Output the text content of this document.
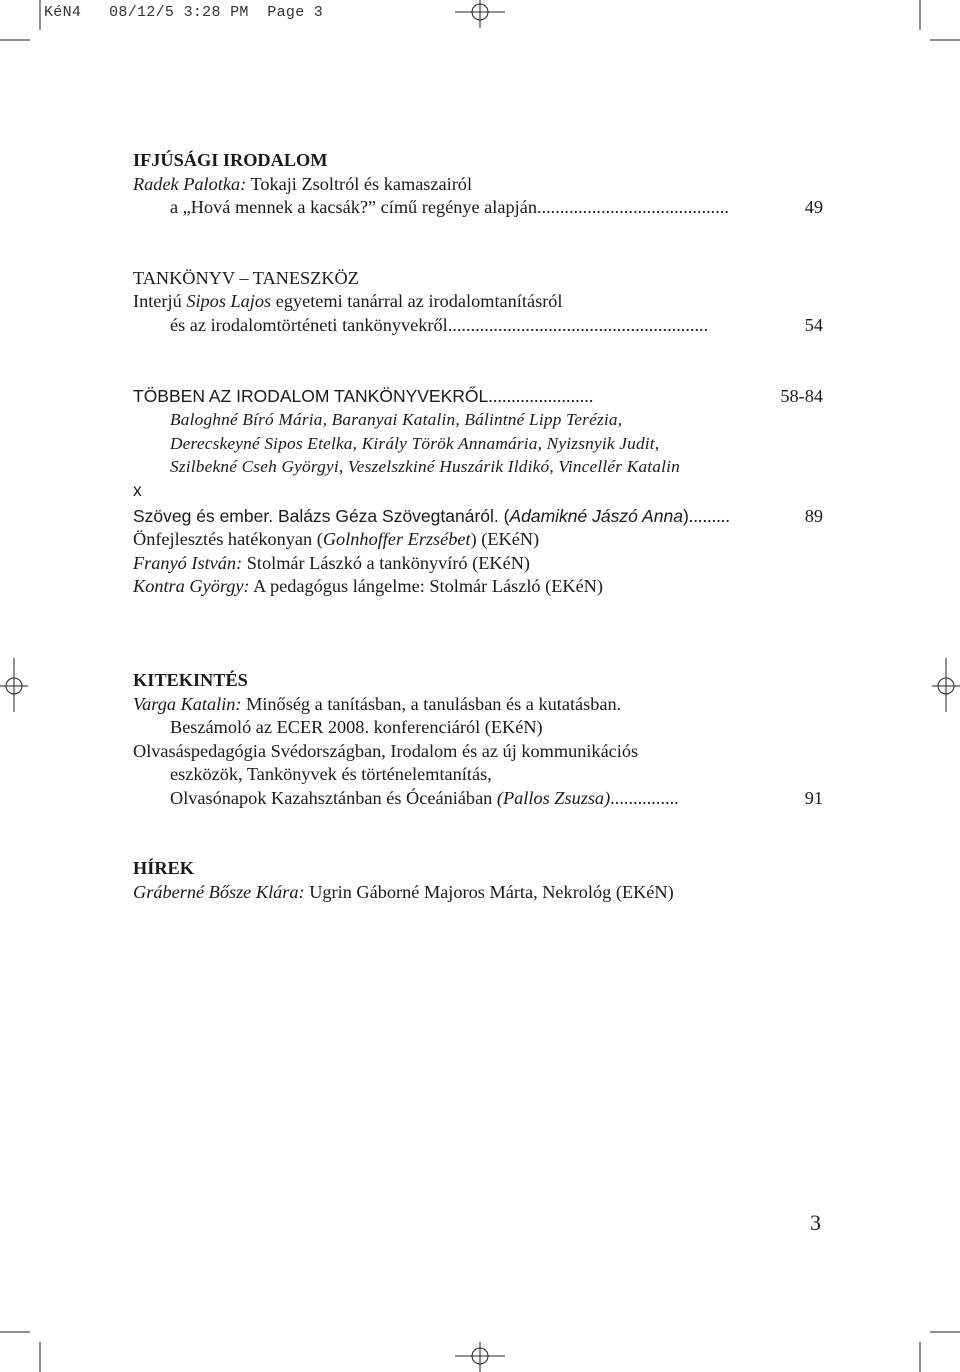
KéN4 08/12/5 3:28 PM Page 3
IFJÚSÁGI IRODALOM
Radek Palotka: Tokaji Zsoltról és kamaszairól
a „Hová mennek a kacsák?” című regénye alapján ..........................................	49
TANKÖNYV – TANESZKÖZ
Interjú Sipos Lajos egyetemi tanárral az irodalomtanításról
és az irodalomtörténeti tankönyvekről .........................................................	54
TÖBBEN AZ IRODALOM TANKÖNYVEKRŐL .......................	58-84
Baloghné Bíró Mária, Baranyai Katalin, Bálintné Lipp Terézia,
Derecskeyné Sipos Etelka, Király Török Annamária, Nyizsnyik Judit,
Szilbekné Cseh Györgyi, Veszelszkiné Huszárik Ildikó, Vincellér Katalin
x
Szöveg és ember. Balázs Géza Szövegtanáról. (Adamikné Jászó Anna) .........	89
Önfejlesztés hatékonyan (Golnhoffer Erzsébet) (EKéN)
Franyó István: Stolmár Lászkó a tankönyvíró (EKéN)
Kontra György: A pedagógus lángelme: Stolmár László (EKéN)
KITEKINTÉS
Varga Katalin: Minőség a tanításban, a tanulásban és a kutatásban.
Beszámoló az ECER 2008. konferenciáról (EKéN)
Olvasáspedagógia Svédországban, Irodalom és az új kommunikációs
eszközök, Tankönyvek és történelemtanítás,
Olvasónapok Kazahsztánban és Óceániában (Pallos Zsuzsa) ...............	91
HÍREK
Gráberné Bősze Klára: Ugrin Gáborné Majoros Márta, Nekrológ (EKéN)
3
